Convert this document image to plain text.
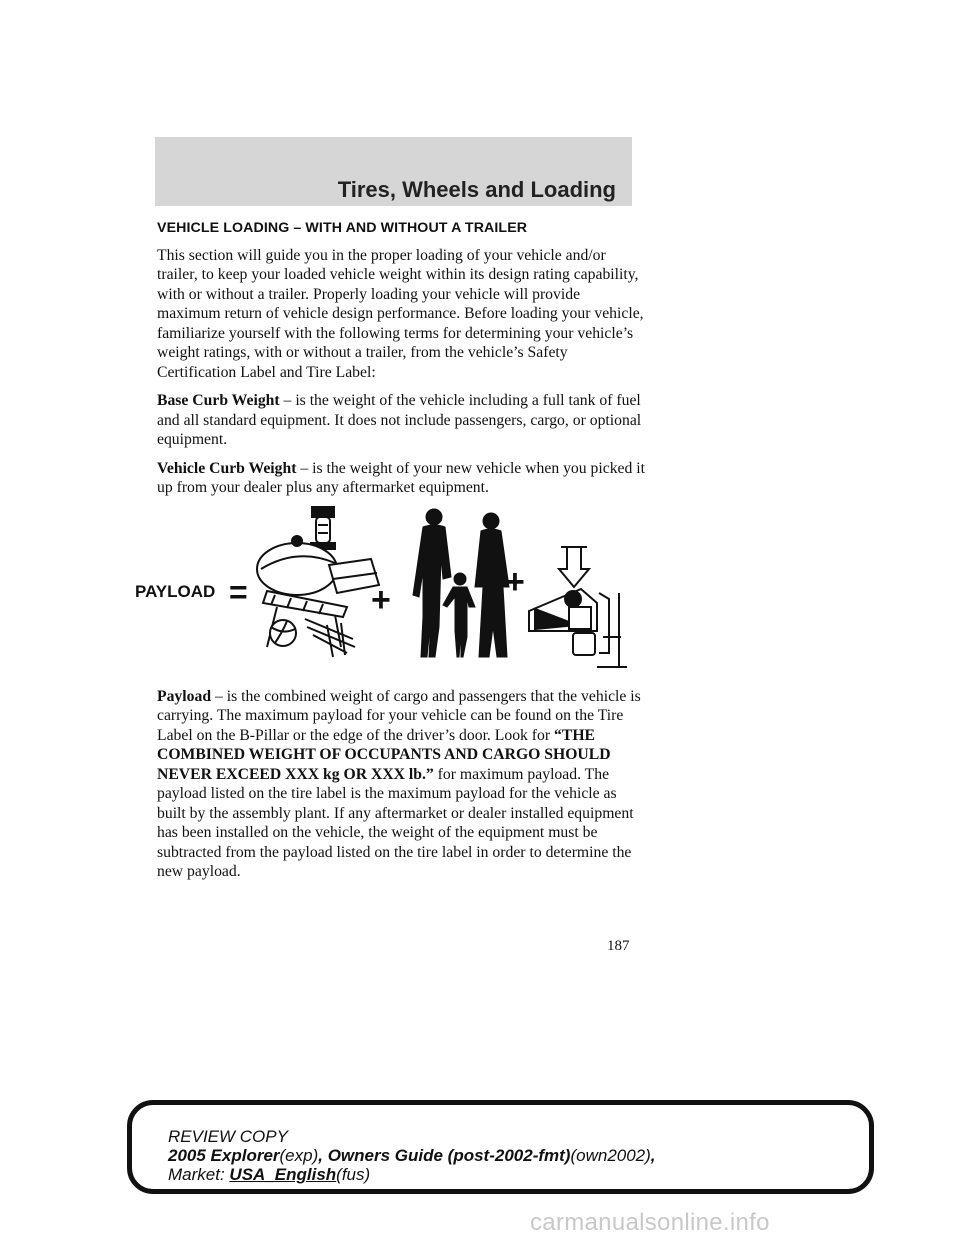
Tires, Wheels and Loading
VEHICLE LOADING – WITH AND WITHOUT A TRAILER

This section will guide you in the proper loading of your vehicle and/or trailer, to keep your loaded vehicle weight within its design rating capability, with or without a trailer. Properly loading your vehicle will provide maximum return of vehicle design performance. Before loading your vehicle, familiarize yourself with the following terms for determining your vehicle’s weight ratings, with or without a trailer, from the vehicle’s Safety Certification Label and Tire Label:

Base Curb Weight – is the weight of the vehicle including a full tank of fuel and all standard equipment. It does not include passengers, cargo, or optional equipment.

Vehicle Curb Weight – is the weight of your new vehicle when you picked it up from your dealer plus any aftermarket equipment.

PAYLOAD =	+	+

Payload – is the combined weight of cargo and passengers that the vehicle is carrying. The maximum payload for your vehicle can be found on the Tire Label on the B-Pillar or the edge of the driver’s door. Look for “THE COMBINED WEIGHT OF OCCUPANTS AND CARGO SHOULD NEVER EXCEED XXX kg OR XXX lb.” for maximum payload. The payload listed on the tire label is the maximum payload for the vehicle as built by the assembly plant. If any aftermarket or dealer installed equipment has been installed on the vehicle, the weight of the equipment must be subtracted from the payload listed on the tire label in order to determine the new payload.

187
REVIEW COPY
2005 Explorer(exp), Owners Guide (post-2002-fmt)(own2002),
Market: USA_English(fus)
carmanualsonline.info
